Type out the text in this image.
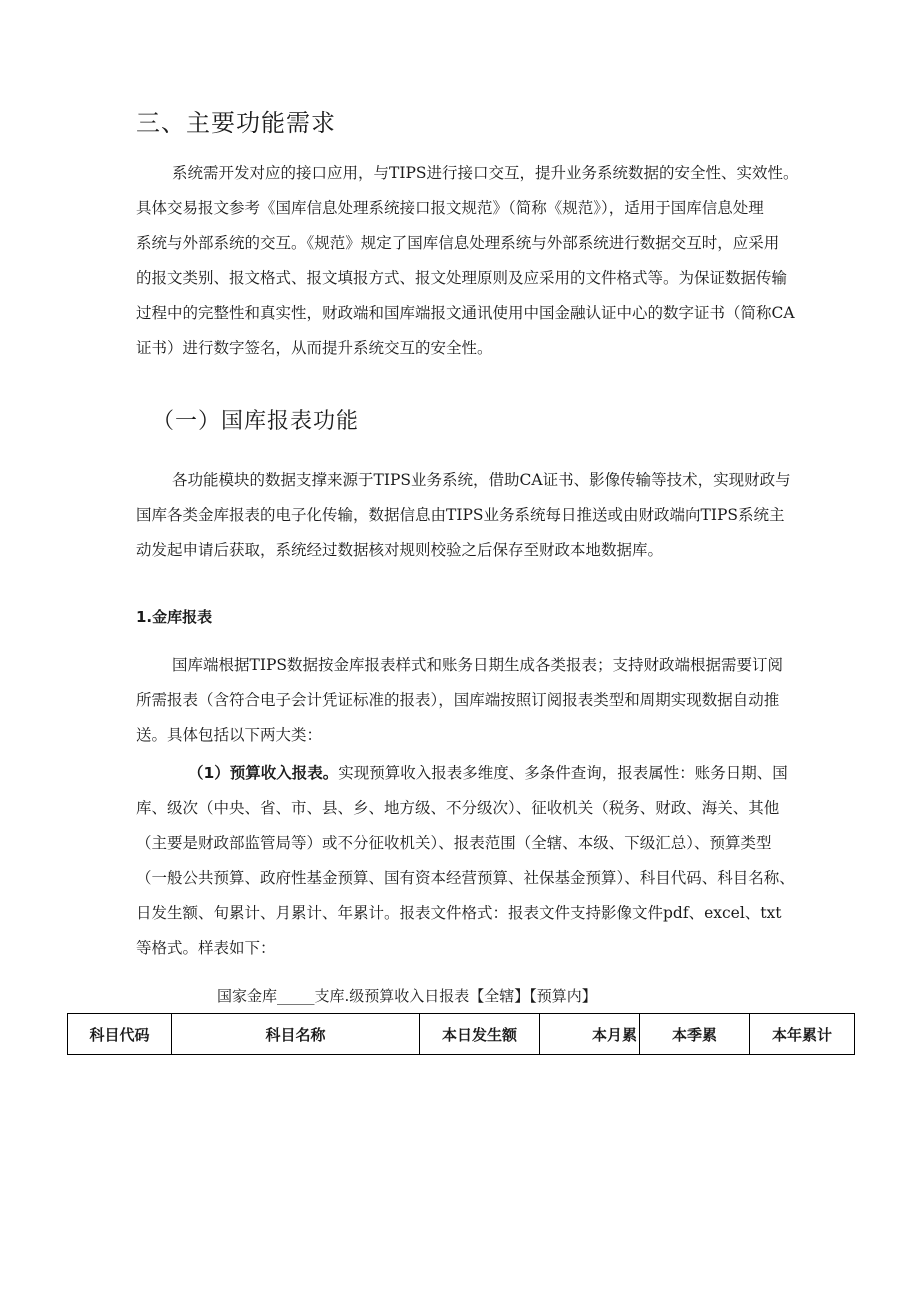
三、主要功能需求
系统需开发对应的接口应用，与TIPS进行接口交互，提升业务系统数据的安全性、实效性。
具体交易报文参考《国库信息处理系统接口报文规范》（简称《规范》），适用于国库信息处理
系统与外部系统的交互。《规范》规定了国库信息处理系统与外部系统进行数据交互时，应采用
的报文类别、报文格式、报文填报方式、报文处理原则及应采用的文件格式等。为保证数据传输
过程中的完整性和真实性，财政端和国库端报文通讯使用中国金融认证中心的数字证书（简称CA
证书）进行数字签名，从而提升系统交互的安全性。
（一）国库报表功能
各功能模块的数据支撑来源于TIPS业务系统，借助CA证书、影像传输等技术，实现财政与
国库各类金库报表的电子化传输，数据信息由TIPS业务系统每日推送或由财政端向TIPS系统主
动发起申请后获取，系统经过数据核对规则校验之后保存至财政本地数据库。
1.金库报表
国库端根据TIPS数据按金库报表样式和账务日期生成各类报表；支持财政端根据需要订阅
所需报表（含符合电子会计凭证标准的报表），国库端按照订阅报表类型和周期实现数据自动推
送。具体包括以下两大类：
（1）预算收入报表。实现预算收入报表多维度、多条件查询，报表属性：账务日期、国
库、级次（中央、省、市、县、乡、地方级、不分级次）、征收机关（税务、财政、海关、其他
（主要是财政部监管局等）或不分征收机关）、报表范围（全辖、本级、下级汇总）、预算类型
（一般公共预算、政府性基金预算、国有资本经营预算、社保基金预算）、科目代码、科目名称、
日发生额、旬累计、月累计、年累计。报表文件格式：报表文件支持影像文件pdf、excel、txt
等格式。样表如下：
国家金库_____支库.级预算收入日报表【全辖】【预算内】
科目代码	科目名称	本日发生额	本月累	本季累	本年累计
